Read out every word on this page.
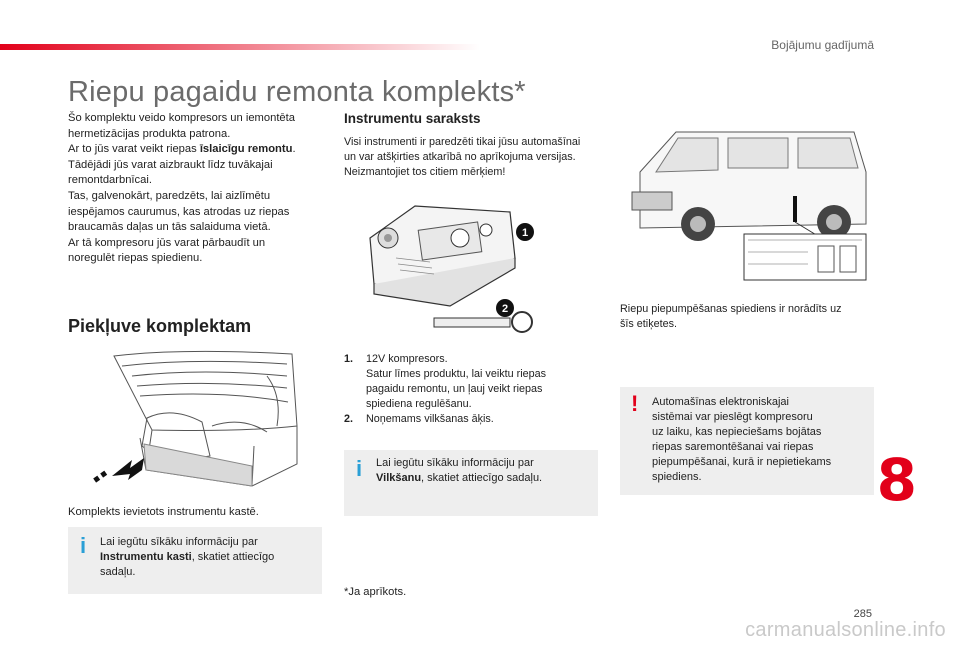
Bojājumu gadījumā
Riepu pagaidu remonta komplekts*
Šo komplektu veido kompresors un iemontēta
hermetizācijas produkta patrona.
Ar to jūs varat veikt riepas īslaicīgu remontu.
Tādējādi jūs varat aizbraukt līdz tuvākajai
remontdarbnīcai.
Tas, galvenokārt, paredzēts, lai aizlīmētu
iespējamos caurumus, kas atrodas uz riepas
braucamās daļas un tās salaiduma vietā.
Ar tā kompresoru jūs varat pārbaudīt un
noregulēt riepas spiedienu.
Piekļuve komplektam
Komplekts ievietots instrumentu kastē.
i Lai iegūtu sīkāku informāciju par
Instrumentu kasti, skatiet attiecīgo
sadaļu.
Instrumentu saraksts
Visi instrumenti ir paredzēti tikai jūsu automašīnai
un var atšķirties atkarībā no aprīkojuma versijas.
Neizmantojiet tos citiem mērķiem!
1
2
1. 12V kompresors.
Satur līmes produktu, lai veiktu riepas
pagaidu remontu, un ļauj veikt riepas
spiediena regulēšanu.
2. Noņemams vilkšanas āķis.
i Lai iegūtu sīkāku informāciju par
Vilkšanu, skatiet attiecīgo sadaļu.
*Ja aprīkots.
Riepu piepumpēšanas spiediens ir norādīts uz
šīs etiķetes.
! Automašīnas elektroniskajai
sistēmai var pieslēgt kompresoru
uz laiku, kas nepieciešams bojātas
riepas saremontēšanai vai riepas
piepumpēšanai, kurā ir nepietiekams
spiediens.	8
285
carmanualsonline.info
